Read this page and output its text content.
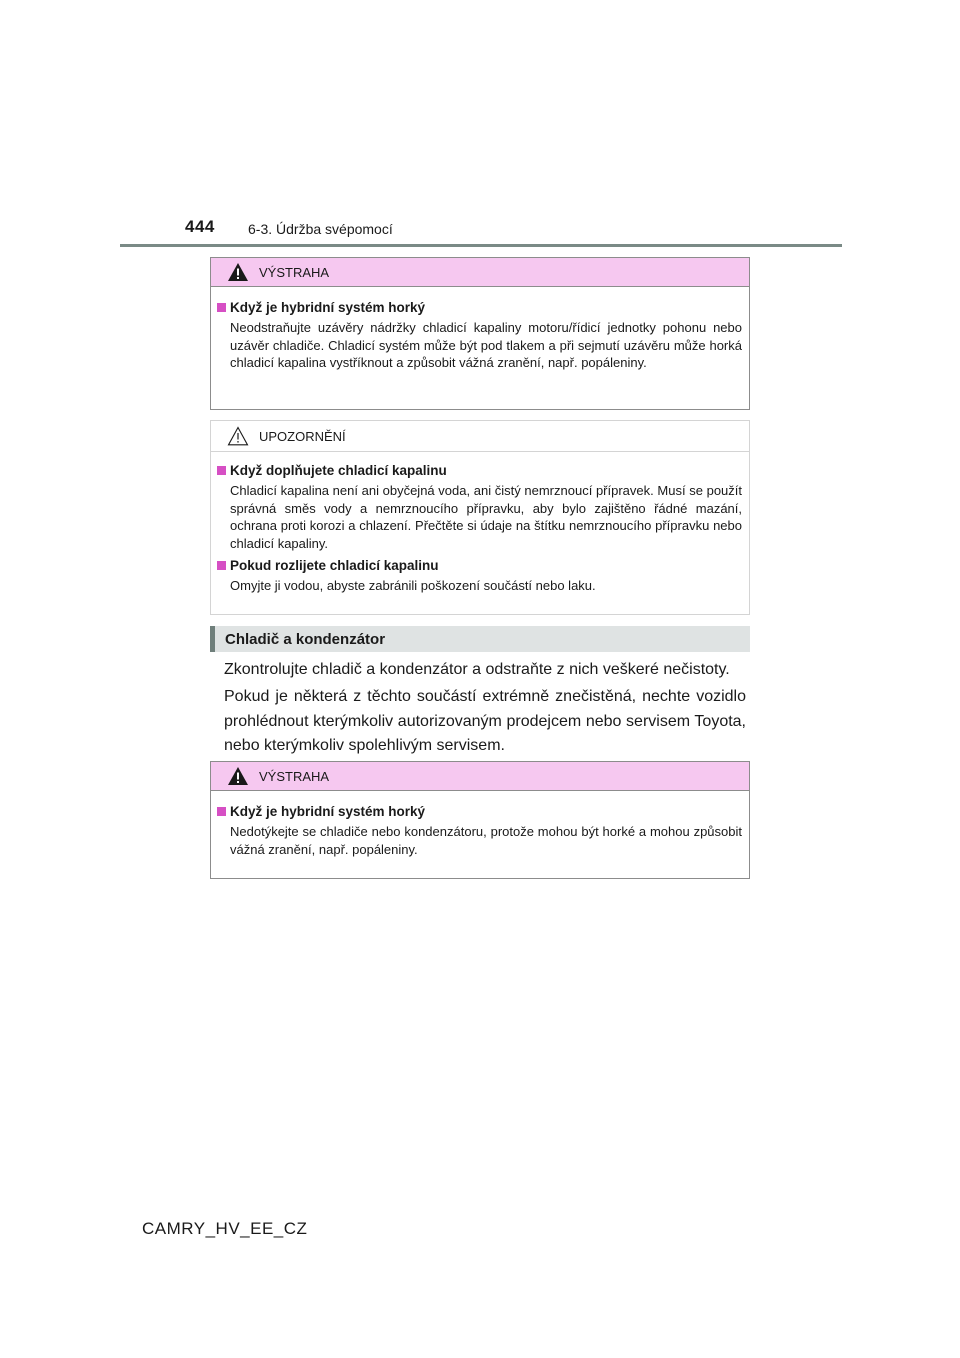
444 6-3. Údržba svépomocí
VÝSTRAHA
Když je hybridní systém horký
Neodstraňujte uzávěry nádržky chladicí kapaliny motoru/řídicí jednotky pohonu nebo uzávěr chladiče. Chladicí systém může být pod tlakem a při sejmutí uzávěru může horká chladicí kapalina vystříknout a způsobit vážná zranění, např. popáleniny.
UPOZORNĚNÍ
Když doplňujete chladicí kapalinu
Chladicí kapalina není ani obyčejná voda, ani čistý nemrznoucí přípravek. Musí se použít správná směs vody a nemrznoucího přípravku, aby bylo zajištěno řádné mazání, ochrana proti korozi a chlazení. Přečtěte si údaje na štítku nemrznoucího přípravku nebo chladicí kapaliny.
Pokud rozlijete chladicí kapalinu
Omyjte ji vodou, abyste zabránili poškození součástí nebo laku.
Chladič a kondenzátor
Zkontrolujte chladič a kondenzátor a odstraňte z nich veškeré nečistoty.
Pokud je některá z těchto součástí extrémně znečistěná, nechte vozidlo prohlédnout kterýmkoliv autorizovaným prodejcem nebo servisem Toyota, nebo kterýmkoliv spolehlivým servisem.
VÝSTRAHA
Když je hybridní systém horký
Nedotýkejte se chladiče nebo kondenzátoru, protože mohou být horké a mohou způsobit vážná zranění, např. popáleniny.
CAMRY_HV_EE_CZ
